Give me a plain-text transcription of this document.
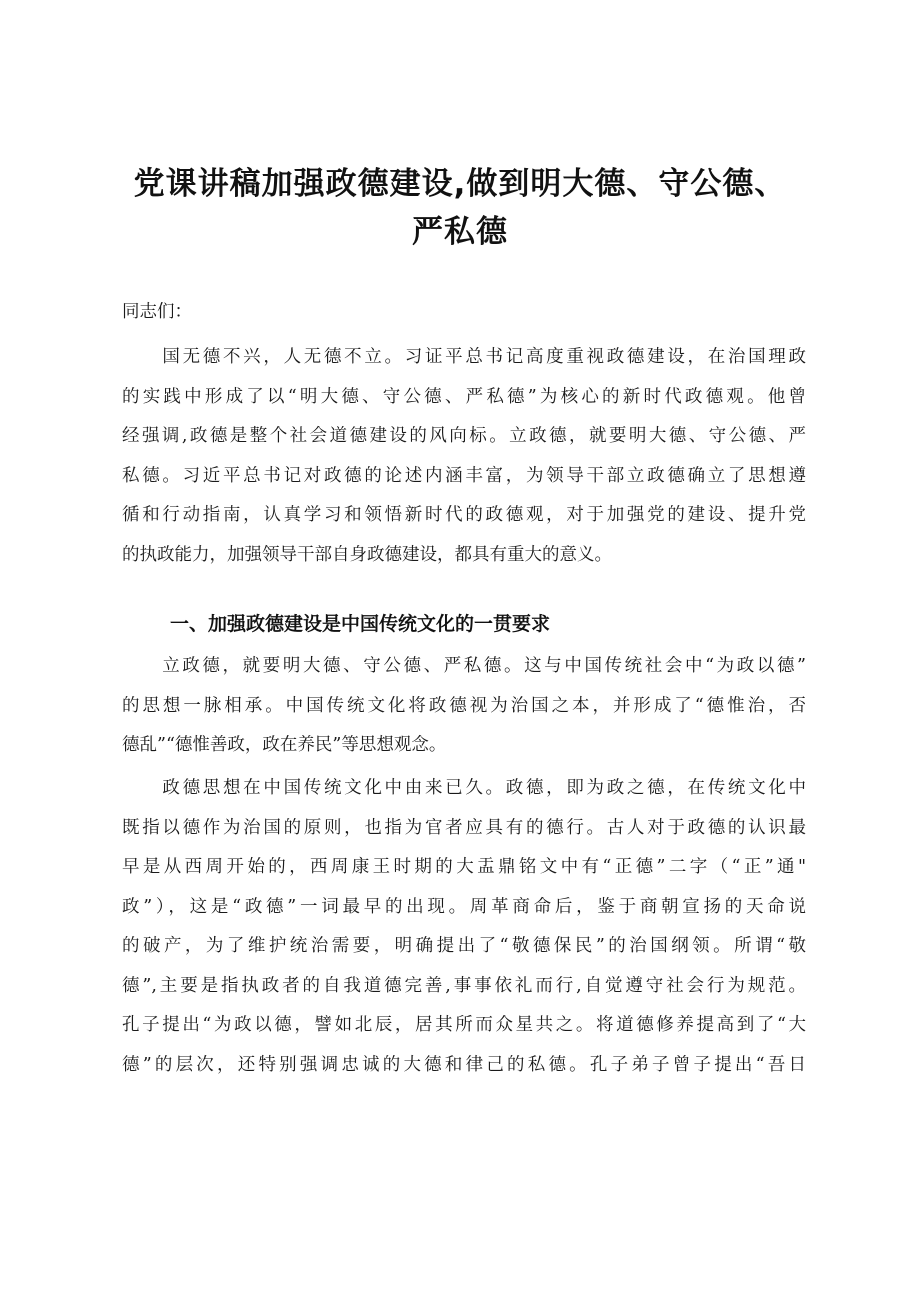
党课讲稿加强政德建设,做到明大德、守公德、
严私德
同志们：
　　国无德不兴，人无德不立。习证平总书记高度重视政德建设，在治国理政
的实践中形成了以“明大德、守公德、严私德”为核心的新时代政德观。他曾
经强调,政德是整个社会道德建设的风向标。立政德，就要明大德、守公德、严
私德。习近平总书记对政德的论述内涵丰富，为领导干部立政德确立了思想遵
循和行动指南，认真学习和领悟新时代的政德观，对于加强党的建设、提升党
的执政能力，加强领导干部自身政德建设，都具有重大的意义。
一、加强政德建设是中国传统文化的一贯要求
　　立政德，就要明大德、守公德、严私德。这与中国传统社会中“为政以德”
的思想一脉相承。中国传统文化将政德视为治国之本，并形成了“德惟治，否
德乱”“德惟善政，政在养民”等思想观念。
　　政德思想在中国传统文化中由来已久。政德，即为政之德，在传统文化中
既指以德作为治国的原则，也指为官者应具有的德行。古人对于政德的认识最
早是从西周开始的，西周康王时期的大盂鼎铭文中有“正德”二字（“正”通"
政”），这是“政德”一词最早的出现。周革商命后，鉴于商朝宣扬的天命说
的破产，为了维护统治需要，明确提出了“敬德保民”的治国纲领。所谓“敬
德”,主要是指执政者的自我道德完善,事事依礼而行,自觉遵守社会行为规范。
孔子提出“为政以德，譬如北辰，居其所而众星共之。将道德修养提高到了“大
德”的层次，还特别强调忠诚的大德和律己的私德。孔子弟子曾子提出“吾日
